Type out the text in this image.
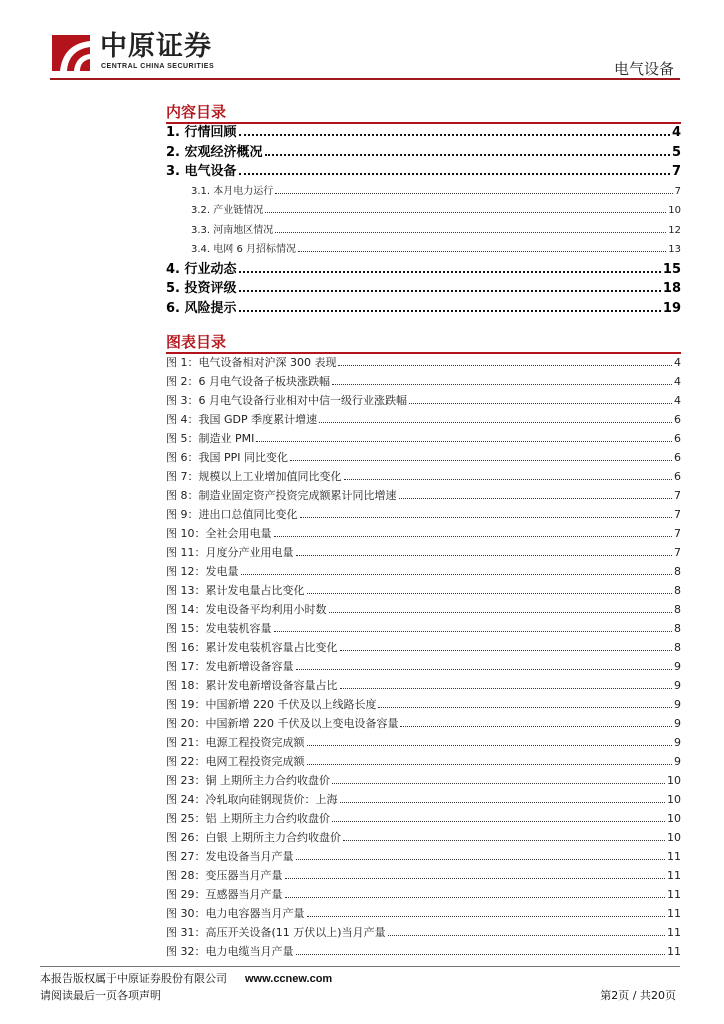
中原证券
CENTRAL CHINA SECURITIES	电气设备
内容目录
1. 行情回顾	4
2. 宏观经济概况	5
3. 电气设备	7
3.1. 本月电力运行	7
3.2. 产业链情况	10
3.3. 河南地区情况	12
3.4. 电网 6 月招标情况	13
4. 行业动态	15
5. 投资评级	18
6. 风险提示	19
图表目录
图 1：电气设备相对沪深 300 表现	4
图 2：6 月电气设备子板块涨跌幅	4
图 3：6 月电气设备行业相对中信一级行业涨跌幅	4
图 4：我国 GDP 季度累计增速	6
图 5：制造业 PMI	6
图 6：我国 PPI 同比变化	6
图 7：规模以上工业增加值同比变化	6
图 8：制造业固定资产投资完成额累计同比增速	7
图 9：进出口总值同比变化	7
图 10：全社会用电量	7
图 11：月度分产业用电量	7
图 12：发电量	8
图 13：累计发电量占比变化	8
图 14：发电设备平均利用小时数	8
图 15：发电装机容量	8
图 16：累计发电装机容量占比变化	8
图 17：发电新增设备容量	9
图 18：累计发电新增设备容量占比	9
图 19：中国新增 220 千伏及以上线路长度	9
图 20：中国新增 220 千伏及以上变电设备容量	9
图 21：电源工程投资完成额	9
图 22：电网工程投资完成额	9
图 23：铜 上期所主力合约收盘价	10
图 24：冷轧取向硅钢现货价：上海	10
图 25：铝 上期所主力合约收盘价	10
图 26：白银 上期所主力合约收盘价	10
图 27：发电设备当月产量	11
图 28：变压器当月产量	11
图 29：互感器当月产量	11
图 30：电力电容器当月产量	11
图 31：高压开关设备(11 万伏以上)当月产量	11
图 32：电力电缆当月产量	11
本报告版权属于中原证券股份有限公司 www.ccnew.com
请阅读最后一页各项声明	第2页 / 共20页
